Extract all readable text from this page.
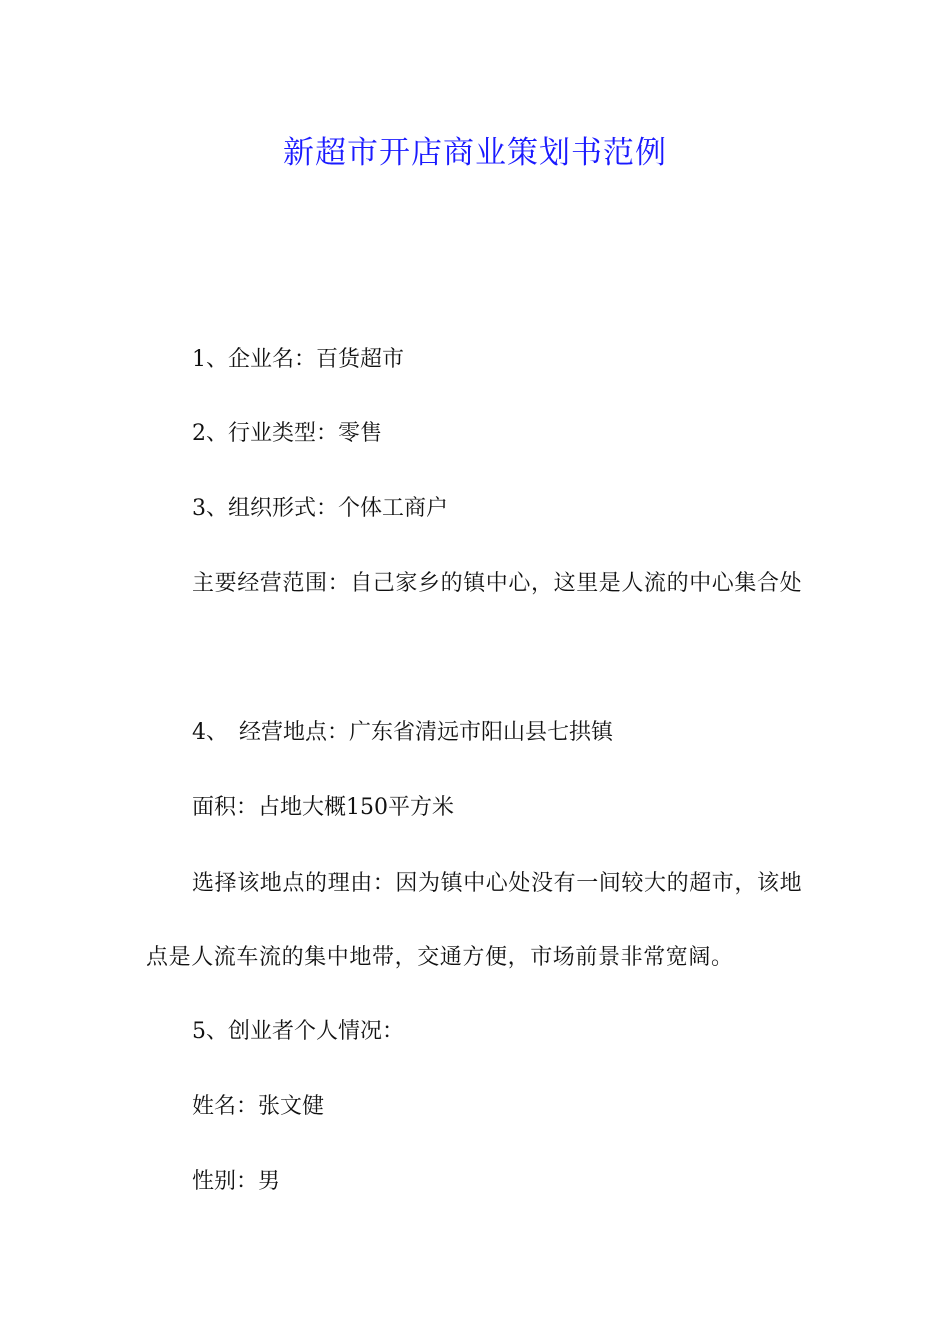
新超市开店商业策划书范例

1、企业名：百货超市

2、行业类型：零售

3、组织形式：个体工商户

主要经营范围：自己家乡的镇中心，这里是人流的中心集合处

4、　经营地点：广东省清远市阳山县七拱镇

面积：占地大概150平方米

选择该地点的理由：因为镇中心处没有一间较大的超市，该地点是人流车流的集中地带，交通方便，市场前景非常宽阔。

5、创业者个人情况：

姓名：张文健

性别：男
